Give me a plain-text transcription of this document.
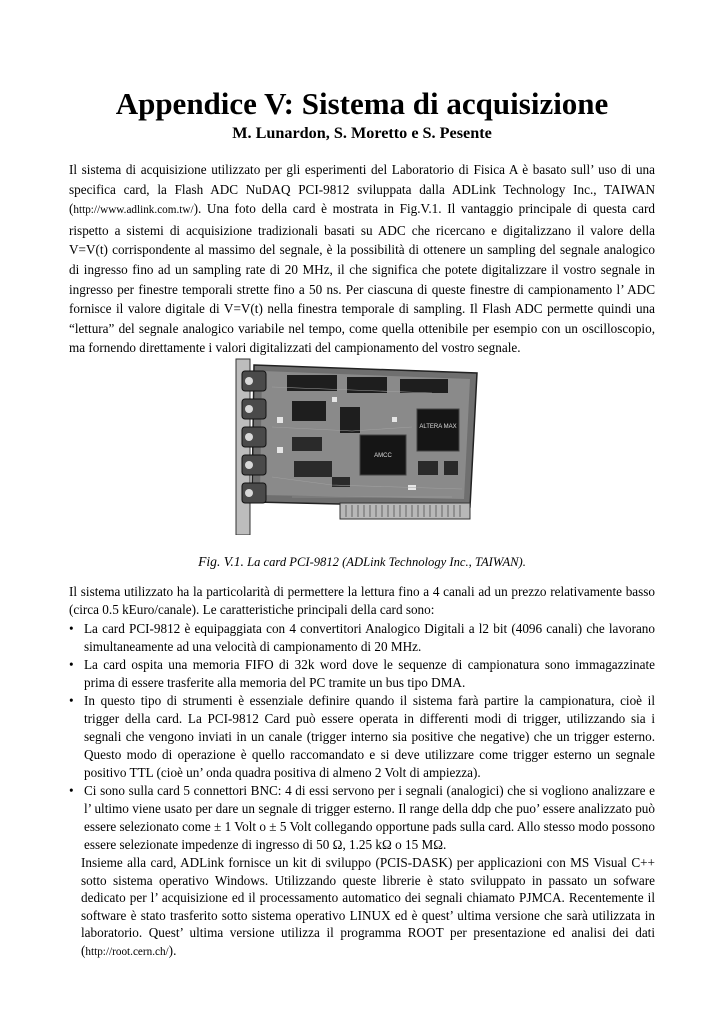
Appendice V: Sistema di acquisizione
M. Lunardon, S. Moretto e S. Pesente
Il sistema di acquisizione utilizzato per gli esperimenti del Laboratorio di Fisica A è basato sull’ uso di una specifica card, la Flash ADC NuDAQ PCI-9812 sviluppata dalla ADLink Technology Inc., TAIWAN (http://www.adlink.com.tw/). Una foto della card è mostrata in Fig.V.1. Il vantaggio principale di questa card rispetto a sistemi di acquisizione tradizionali basati su ADC che ricercano e digitalizzano il valore della V=V(t) corrispondente al massimo del segnale, è la possibilità di ottenere un sampling del segnale analogico di ingresso fino ad un sampling rate di 20 MHz, il che significa che potete digitalizzare il vostro segnale in ingresso per finestre temporali strette fino a 50 ns. Per ciascuna di queste finestre di campionamento l’ ADC fornisce il valore digitale di V=V(t) nella finestra temporale di sampling. Il Flash ADC permette quindi una “lettura” del segnale analogico variabile nel tempo, come quella ottenibile per esempio con un oscilloscopio, ma fornendo direttamente i valori digitalizzati del campionamento del vostro segnale.
ALTERA MAX
AMCC
Fig. V.1. La card PCI-9812 (ADLink Technology Inc., TAIWAN).
Il sistema utilizzato ha la particolarità di permettere la lettura fino a 4 canali ad un prezzo relativamente basso (circa 0.5 kEuro/canale). Le caratteristiche principali della card sono:
• La card PCI-9812 è equipaggiata con 4 convertitori Analogico Digitali a l2 bit (4096 canali) che lavorano simultaneamente ad una velocità di campionamento di 20 MHz.
• La card ospita una memoria FIFO di 32k word dove le sequenze di campionatura sono immagazzinate prima di essere trasferite alla memoria del PC tramite un bus tipo DMA.
• In questo tipo di strumenti è essenziale definire quando il sistema farà partire la campionatura, cioè il trigger della card. La PCI-9812 Card può essere operata in differenti modi di trigger, utilizzando sia i segnali che vengono inviati in un canale (trigger interno sia positive che negative) che un trigger esterno. Questo modo di operazione è quello raccomandato e si deve utilizzare come trigger esterno un segnale positivo TTL (cioè un’ onda quadra positiva di almeno 2 Volt di ampiezza).
• Ci sono sulla card 5 connettori BNC: 4 di essi servono per i segnali (analogici) che si vogliono analizzare e l’ ultimo viene usato per dare un segnale di trigger esterno. Il range della ddp che puo’ essere analizzato può essere selezionato come ± 1 Volt o ± 5 Volt collegando opportune pads sulla card. Allo stesso modo possono essere selezionate impedenze di ingresso di 50 Ω, 1.25 kΩ o 15 MΩ.
Insieme alla card, ADLink fornisce un kit di sviluppo (PCIS-DASK) per applicazioni con MS Visual C++ sotto sistema operativo Windows. Utilizzando queste librerie è stato sviluppato in passato un sofware dedicato per l’ acquisizione ed il processamento automatico dei segnali chiamato PJMCA. Recentemente il software è stato trasferito sotto sistema operativo LINUX ed è quest’ ultima versione che sarà utilizzata in laboratorio. Quest’ ultima versione utilizza il programma ROOT per presentazione ed analisi dei dati (http://root.cern.ch/).
